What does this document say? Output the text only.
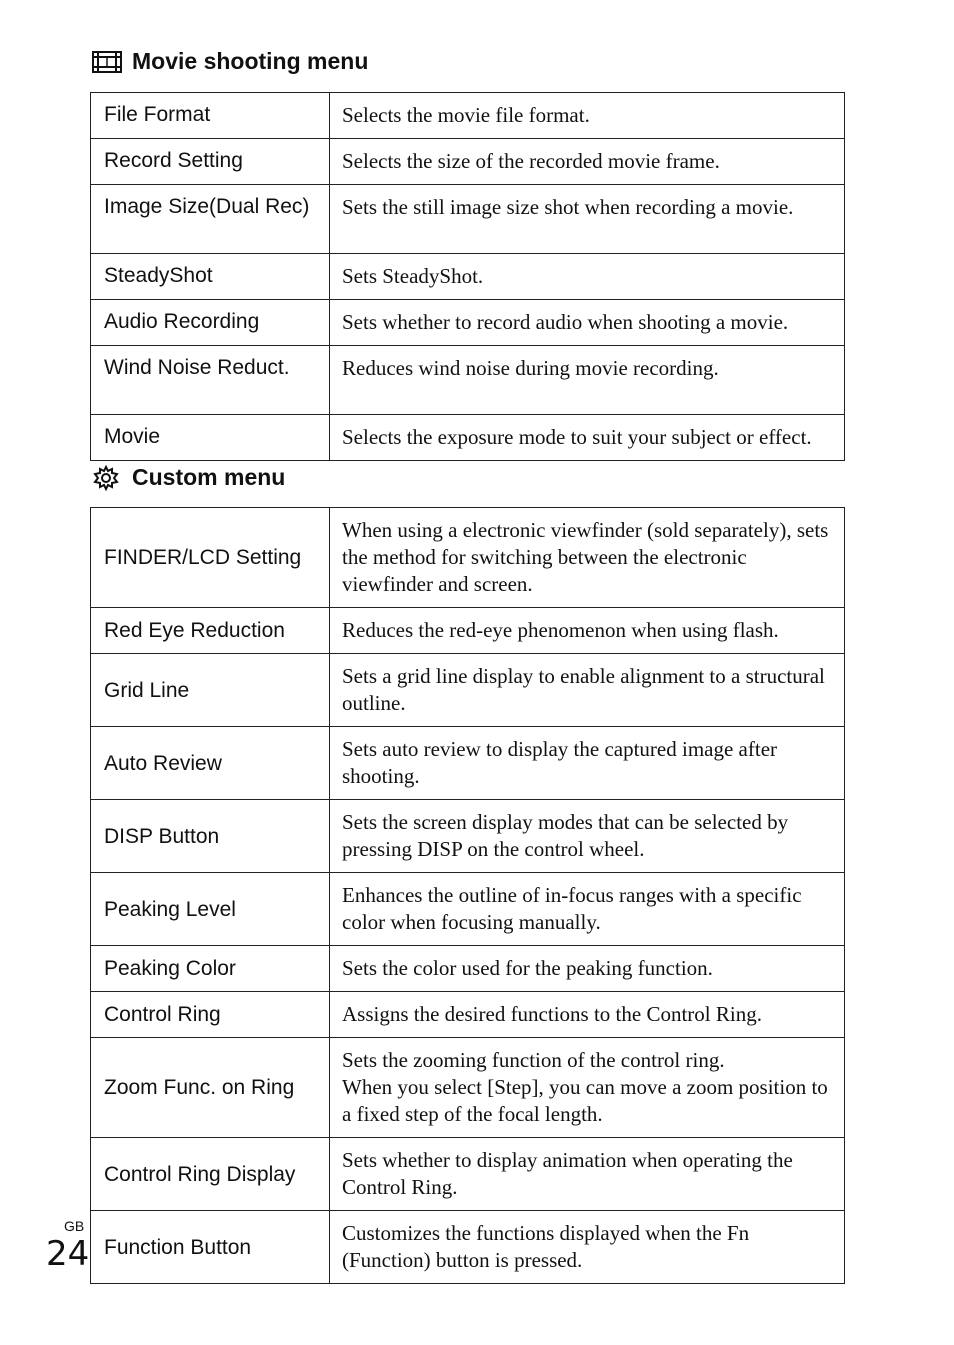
Movie shooting menu
File Format	Selects the movie file format.
Record Setting	Selects the size of the recorded movie frame.
Image Size(Dual Rec)	Sets the still image size shot when recording a movie.
SteadyShot	Sets SteadyShot.
Audio Recording	Sets whether to record audio when shooting a movie.
Wind Noise Reduct.	Reduces wind noise during movie recording.
Movie	Selects the exposure mode to suit your subject or effect.
Custom menu
FINDER/LCD Setting	When using a electronic viewfinder (sold separately), sets the method for switching between the electronic viewfinder and screen.
Red Eye Reduction	Reduces the red-eye phenomenon when using flash.
Grid Line	Sets a grid line display to enable alignment to a structural outline.
Auto Review	Sets auto review to display the captured image after shooting.
DISP Button	Sets the screen display modes that can be selected by pressing DISP on the control wheel.
Peaking Level	Enhances the outline of in-focus ranges with a specific color when focusing manually.
Peaking Color	Sets the color used for the peaking function.
Control Ring	Assigns the desired functions to the Control Ring.
Zoom Func. on Ring	Sets the zooming function of the control ring.
When you select [Step], you can move a zoom position to a fixed step of the focal length.
Control Ring Display	Sets whether to display animation when operating the Control Ring.
Function Button	Customizes the functions displayed when the Fn (Function) button is pressed.
GB
24
